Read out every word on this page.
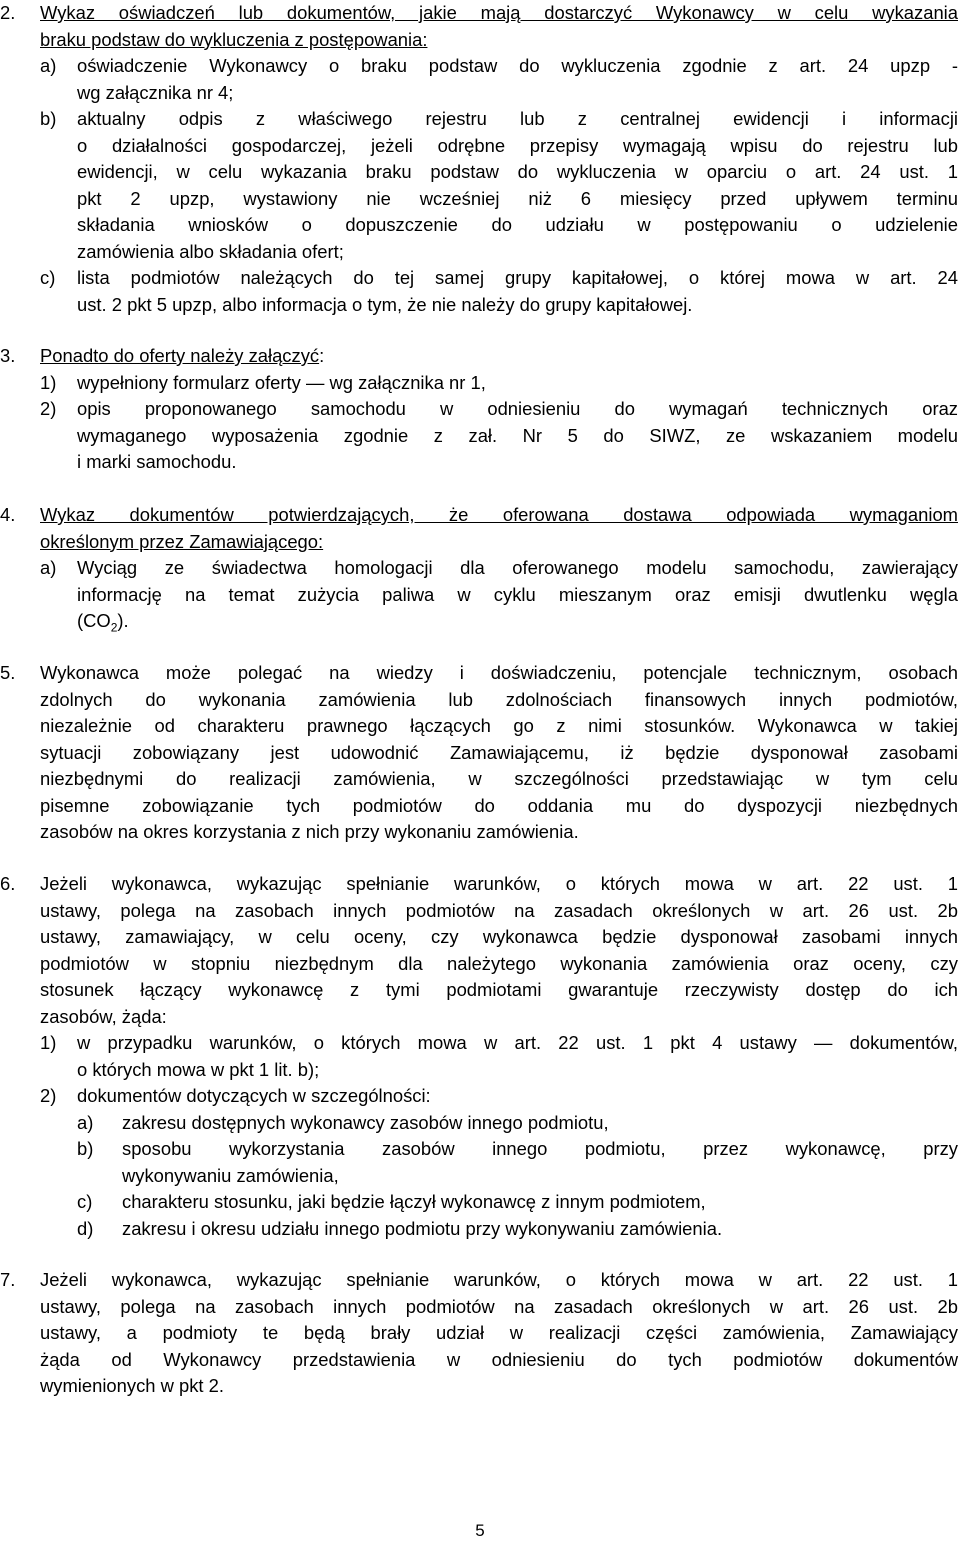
2. Wykaz oświadczeń lub dokumentów, jakie mają dostarczyć Wykonawcy w celu wykazania
braku podstaw do wykluczenia z postępowania:
a) oświadczenie Wykonawcy o braku podstaw do wykluczenia zgodnie z art. 24 upzp -
wg załącznika nr 4;
b) aktualny odpis z właściwego rejestru lub z centralnej ewidencji i informacji
o działalności gospodarczej, jeżeli odrębne przepisy wymagają wpisu do rejestru lub
ewidencji, w celu wykazania braku podstaw do wykluczenia w oparciu o art. 24 ust. 1
pkt 2 upzp, wystawiony nie wcześniej niż 6 miesięcy przed upływem terminu
składania wniosków o dopuszczenie do udziału w postępowaniu o udzielenie
zamówienia albo składania ofert;
c) lista podmiotów należących do tej samej grupy kapitałowej, o której mowa w art. 24
ust. 2 pkt 5 upzp, albo informacja o tym, że nie należy do grupy kapitałowej.
3. Ponadto do oferty należy załączyć:
1) wypełniony formularz oferty — wg załącznika nr 1,
2) opis proponowanego samochodu w odniesieniu do wymagań technicznych oraz
wymaganego wyposażenia zgodnie z zał. Nr 5 do SIWZ, ze wskazaniem modelu
i marki samochodu.
4. Wykaz dokumentów potwierdzających, że oferowana dostawa odpowiada wymaganiom
określonym przez Zamawiającego:
a) Wyciąg ze świadectwa homologacji dla oferowanego modelu samochodu, zawierający
informację na temat zużycia paliwa w cyklu mieszanym oraz emisji dwutlenku węgla
$(CO_2)$.
5. Wykonawca może polegać na wiedzy i doświadczeniu, potencjale technicznym, osobach
zdolnych do wykonania zamówienia lub zdolnościach finansowych innych podmiotów,
niezależnie od charakteru prawnego łączących go z nimi stosunków. Wykonawca w takiej
sytuacji zobowiązany jest udowodnić Zamawiającemu, iż będzie dysponował zasobami
niezbędnymi do realizacji zamówienia, w szczególności przedstawiając w tym celu
pisemne zobowiązanie tych podmiotów do oddania mu do dyspozycji niezbędnych
zasobów na okres korzystania z nich przy wykonaniu zamówienia.
6. Jeżeli wykonawca, wykazując spełnianie warunków, o których mowa w art. 22 ust. 1
ustawy, polega na zasobach innych podmiotów na zasadach określonych w art. 26 ust. 2b
ustawy, zamawiający, w celu oceny, czy wykonawca będzie dysponował zasobami innych
podmiotów w stopniu niezbędnym dla należytego wykonania zamówienia oraz oceny, czy
stosunek łączący wykonawcę z tymi podmiotami gwarantuje rzeczywisty dostęp do ich
zasobów, żąda:
1) w przypadku warunków, o których mowa w art. 22 ust. 1 pkt 4 ustawy — dokumentów,
o których mowa w pkt 1 lit. b);
2) dokumentów dotyczących w szczególności:
a) zakresu dostępnych wykonawcy zasobów innego podmiotu,
b) sposobu wykorzystania zasobów innego podmiotu, przez wykonawcę, przy
wykonywaniu zamówienia,
c) charakteru stosunku, jaki będzie łączył wykonawcę z innym podmiotem,
d) zakresu i okresu udziału innego podmiotu przy wykonywaniu zamówienia.
7. Jeżeli wykonawca, wykazując spełnianie warunków, o których mowa w art. 22 ust. 1
ustawy, polega na zasobach innych podmiotów na zasadach określonych w art. 26 ust. 2b
ustawy, a podmioty te będą brały udział w realizacji części zamówienia, Zamawiający
żąda od Wykonawcy przedstawienia w odniesieniu do tych podmiotów dokumentów
wymienionych w pkt 2.
5
